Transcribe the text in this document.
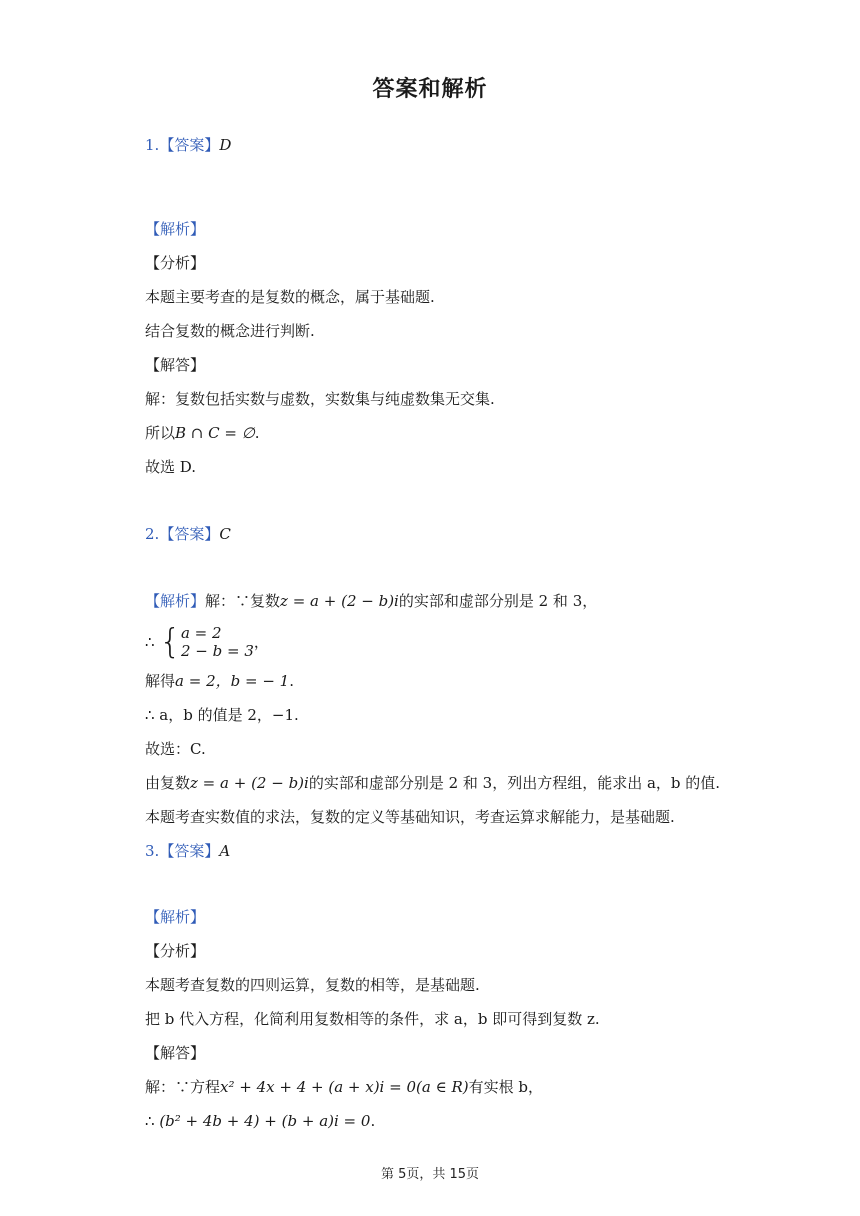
答案和解析
1.【答案】D
【解析】
【分析】
本题主要考查的是复数的概念，属于基础题.
结合复数的概念进行判断.
【解答】
解：复数包括实数与虚数，实数集与纯虚数集无交集.
所以B ∩ C = ∅.
故选 D.
2.【答案】C
【解析】解：∵复数z = a + (2 − b)i的实部和虚部分别是 2 和 3，
∴ { a = 2
2 − b = 3 ，
解得a = 2，b = − 1.
∴ a，b 的值是 2，−1.
故选：C.
由复数z = a + (2 − b)i的实部和虚部分别是 2 和 3，列出方程组，能求出 a，b 的值.
本题考查实数值的求法，复数的定义等基础知识，考查运算求解能力，是基础题.
3.【答案】A
【解析】
【分析】
本题考查复数的四则运算，复数的相等，是基础题.
把 b 代入方程，化简利用复数相等的条件，求 a，b 即可得到复数 z.
【解答】
解：∵方程x² + 4x + 4 + (a + x)i = 0(a ∈ R)有实根 b，
∴ (b² + 4b + 4) + (b + a)i = 0.
第 5页，共 15页
